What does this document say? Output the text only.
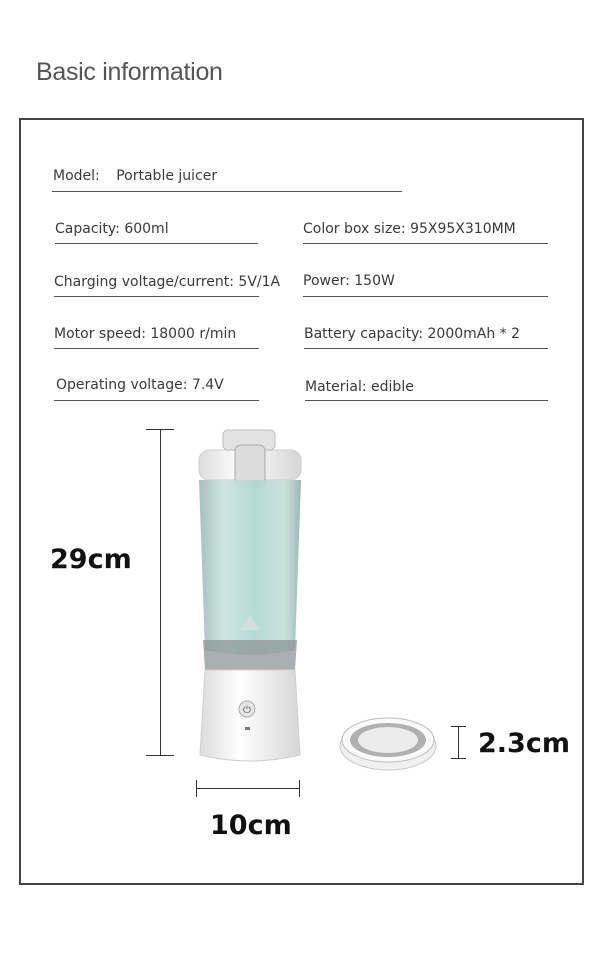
Basic information
Model: Portable juicer
Capacity: 600ml	Color box size: 95X95X310MM
Charging voltage/current: 5V/1A Power: 150W
Motor speed: 18000 r/min	Battery capacity: 2000mAh * 2
Operating voltage: 7.4V	Material: edible
29cm
10cm
2.3cm
⏻
